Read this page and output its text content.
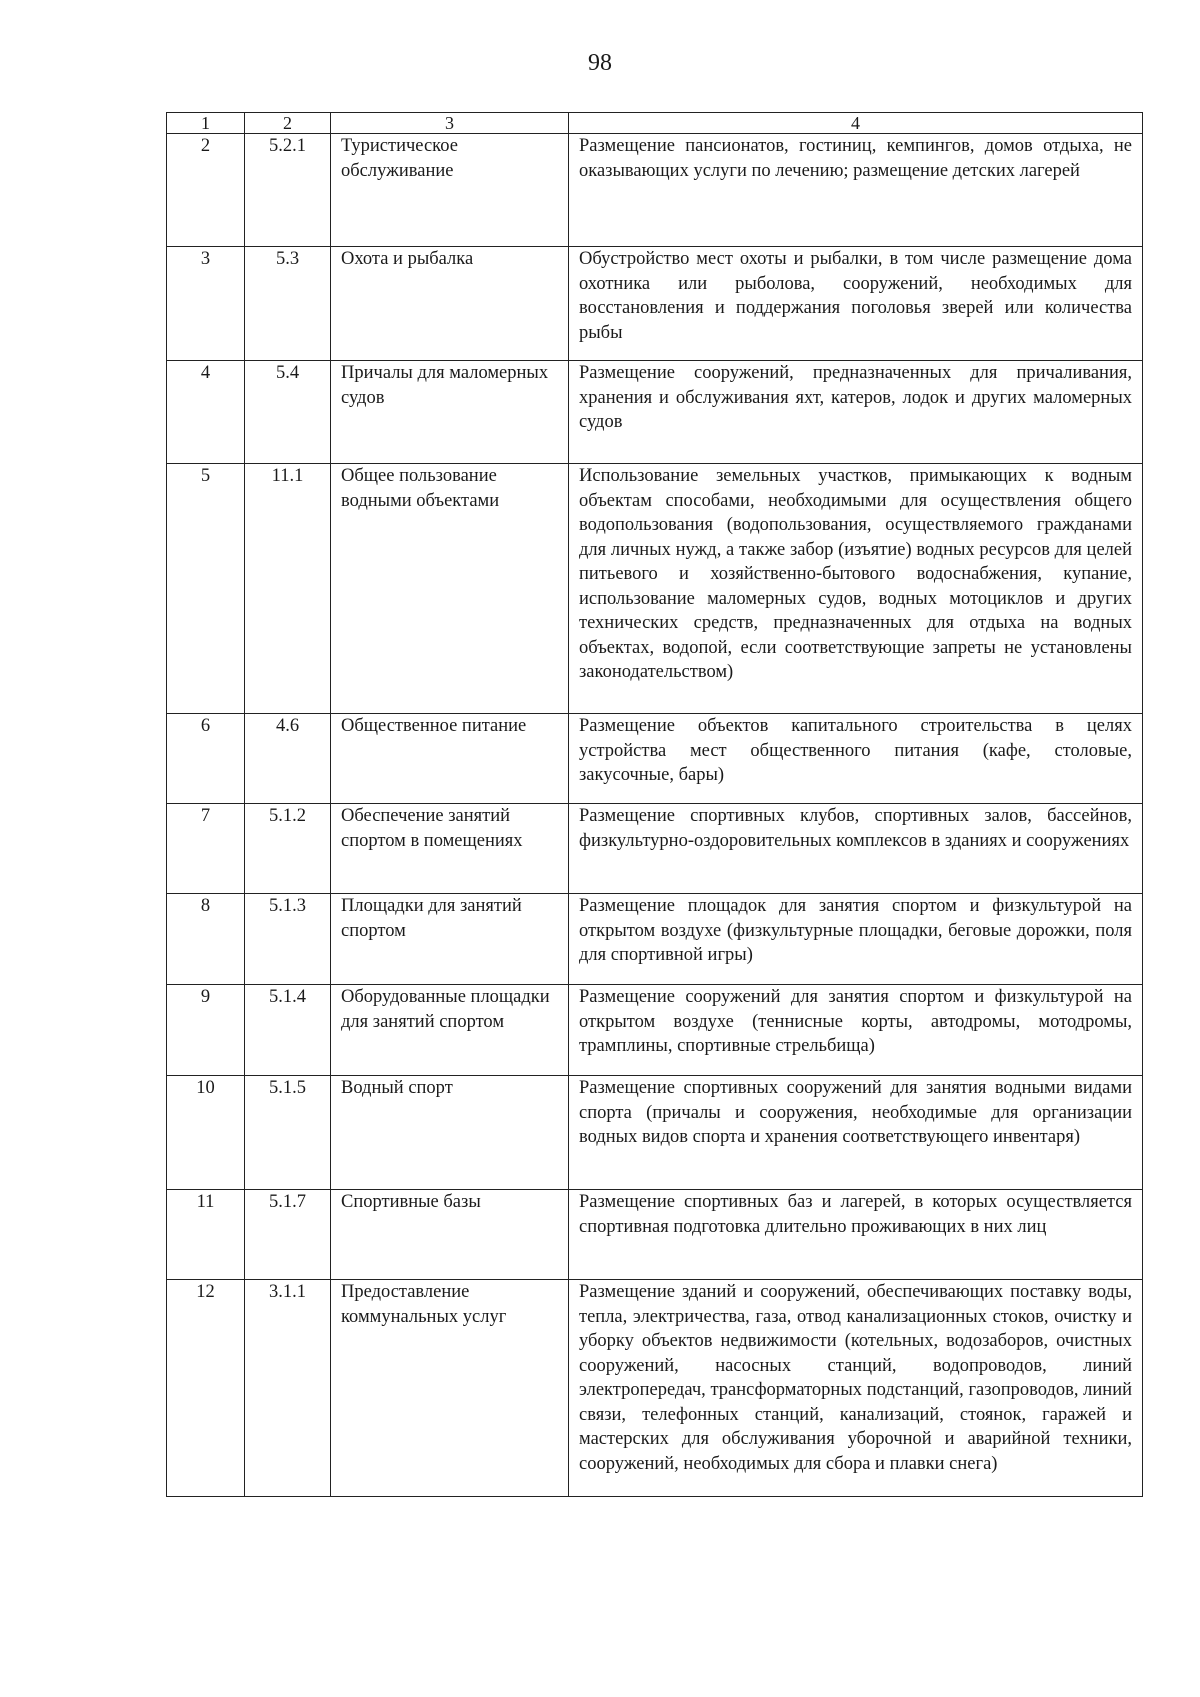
98
1	2	3	4
2	5.2.1	Туристическое обслуживание	Размещение пансионатов, гостиниц, кемпингов, домов отдыха, не оказывающих услуги по лечению; размещение детских лагерей
3	5.3	Охота и рыбалка	Обустройство мест охоты и рыбалки, в том числе размещение дома охотника или рыболова, сооружений, необходимых для восстановления и поддержания поголовья зверей или количества рыбы
4	5.4	Причалы для маломерных судов	Размещение сооружений, предназначенных для причаливания, хранения и обслуживания яхт, катеров, лодок и других маломерных судов
5	11.1	Общее пользование водными объектами	Использование земельных участков, примыкающих к водным объектам способами, необходимыми для осуществления общего водопользования (водопользования, осуществляемого гражданами для личных нужд, а также забор (изъятие) водных ресурсов для целей питьевого и хозяйственно-бытового водоснабжения, купание, использование маломерных судов, водных мотоциклов и других технических средств, предназначенных для отдыха на водных объектах, водопой, если соответствующие запреты не установлены законодательством)
6	4.6	Общественное питание	Размещение объектов капитального строительства в целях устройства мест общественного питания (кафе, столовые, закусочные, бары)
7	5.1.2	Обеспечение занятий спортом в помещениях	Размещение спортивных клубов, спортивных залов, бассейнов, физкультурно-оздоровительных комплексов в зданиях и сооружениях
8	5.1.3	Площадки для занятий спортом	Размещение площадок для занятия спортом и физкультурой на открытом воздухе (физкультурные площадки, беговые дорожки, поля для спортивной игры)
9	5.1.4	Оборудованные площадки для занятий спортом	Размещение сооружений для занятия спортом и физкультурой на открытом воздухе (теннисные корты, автодромы, мотодромы, трамплины, спортивные стрельбища)
10	5.1.5	Водный спорт	Размещение спортивных сооружений для занятия водными видами спорта (причалы и сооружения, необходимые для организации водных видов спорта и хранения соответствующего инвентаря)
11	5.1.7	Спортивные базы	Размещение спортивных баз и лагерей, в которых осуществляется спортивная подготовка длительно проживающих в них лиц
12	3.1.1	Предоставление коммунальных услуг	Размещение зданий и сооружений, обеспечивающих поставку воды, тепла, электричества, газа, отвод канализационных стоков, очистку и уборку объектов недвижимости (котельных, водозаборов, очистных сооружений, насосных станций, водопроводов, линий электропередач, трансформаторных подстанций, газопроводов, линий связи, телефонных станций, канализаций, стоянок, гаражей и мастерских для обслуживания уборочной и аварийной техники, сооружений, необходимых для сбора и плавки снега)
